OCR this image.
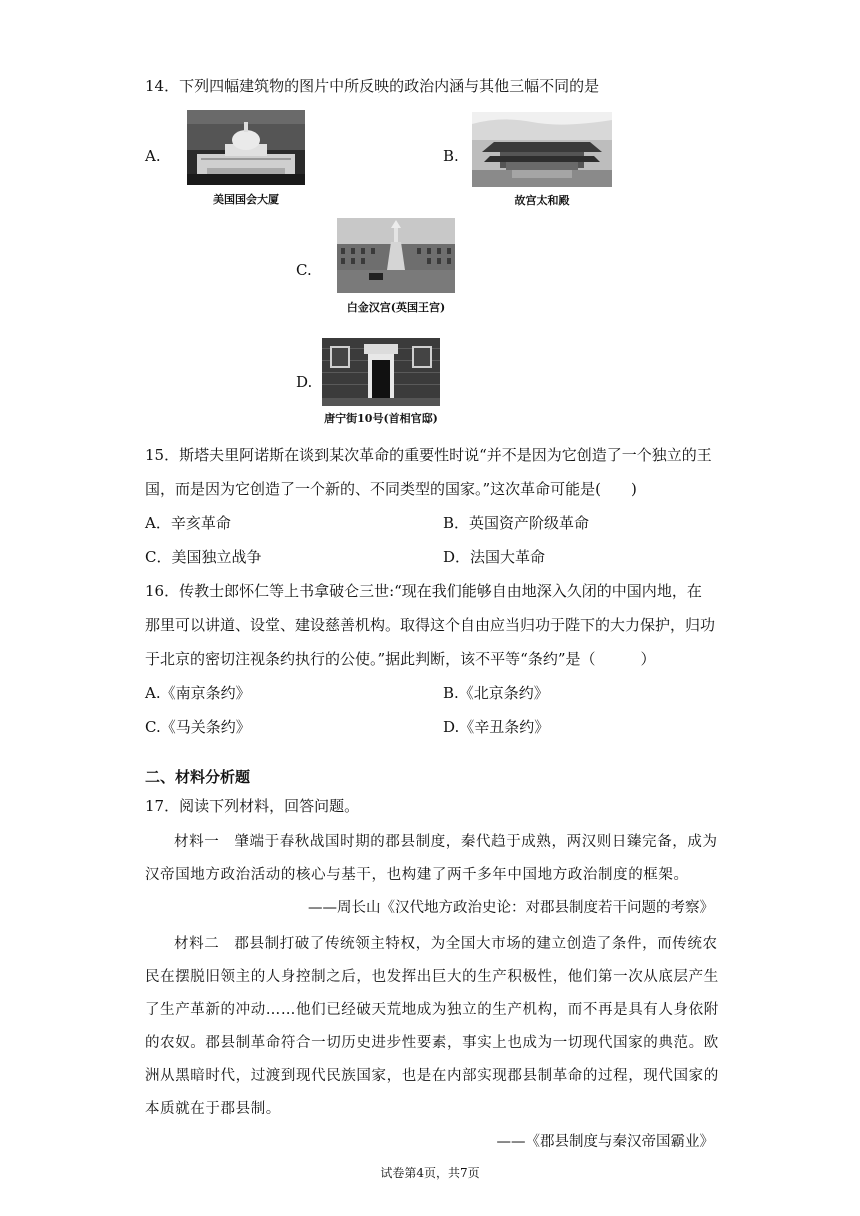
14．下列四幅建筑物的图片中所反映的政治内涵与其他三幅不同的是
A.
美国国会大厦
B.
故宫太和殿
C.
白金汉宫(英国王宫)
D.
唐宁街10号(首相官邸)
15．斯塔夫里阿诺斯在谈到某次革命的重要性时说“并不是因为它创造了一个独立的王
国，而是因为它创造了一个新的、不同类型的国家。”这次革命可能是(　　)
A．辛亥革命	B．英国资产阶级革命
C．美国独立战争	D．法国大革命
16．传教士郎怀仁等上书拿破仑三世:“现在我们能够自由地深入久闭的中国内地，在
那里可以讲道、设堂、建设慈善机构。取得这个自由应当归功于陛下的大力保护，归功
于北京的密切注视条约执行的公使。”据此判断，该不平等“条约”是（　　　）
A.《南京条约》	B.《北京条约》
C.《马关条约》	D.《辛丑条约》
二、材料分析题
17．阅读下列材料，回答问题。
材料一　肇端于春秋战国时期的郡县制度，秦代趋于成熟，两汉则日臻完备，成为
汉帝国地方政治活动的核心与基干，也构建了两千多年中国地方政治制度的框架。
——周长山《汉代地方政治史论：对郡县制度若干问题的考察》
材料二　郡县制打破了传统领主特权，为全国大市场的建立创造了条件，而传统农
民在摆脱旧领主的人身控制之后，也发挥出巨大的生产积极性，他们第一次从底层产生
了生产革新的冲动……他们已经破天荒地成为独立的生产机构，而不再是具有人身依附
的农奴。郡县制革命符合一切历史进步性要素，事实上也成为一切现代国家的典范。欧
洲从黑暗时代，过渡到现代民族国家，也是在内部实现郡县制革命的过程，现代国家的
本质就在于郡县制。
——《郡县制度与秦汉帝国霸业》
试卷第4页，共7页
